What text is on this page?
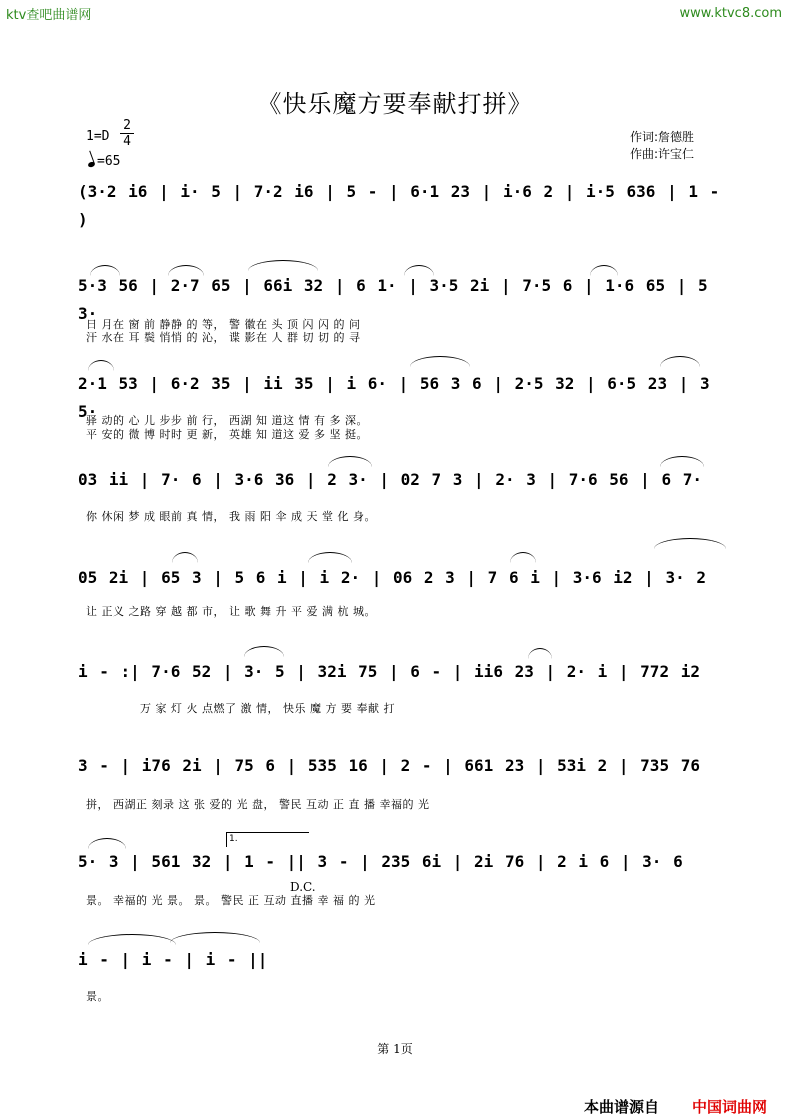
ktv查吧曲谱网	www.ktvc8.com
《快乐魔方要奉献打拼》
1=D
2
4
=65
作词:詹德胜
作曲:许宝仁
(3·2 i6 | i· 5 | 7·2 i6 | 5 - | 6·1 23 | i·6 2 | i·5 636 | 1 - )
5·3 56 | 2·7 65 | 66i 32 | 6 1· | 3·5 2i | 7·5 6 | 1·6 65 | 5 3·
日 月在 窗 前 静静 的 等， 警 徽在 头 顶 闪 闪 的 问
汗 水在 耳 鬓 悄悄 的 沁， 谍 影在 人 群 切 切 的 寻
2·1 53 | 6·2 35 | ii 35 | i 6· | 56 3 6 | 2·5 32 | 6·5 23 | 3 5·
驿 动的 心 儿 步步 前 行， 西湖 知 道这 情 有 多 深。
平 安的 微 博 时时 更 新， 英雄 知 道这 爱 多 坚 挺。
03 ii | 7· 6 | 3·6 36 | 2 3· | 02 7 3 | 2· 3 | 7·6 56 | 6 7·
你 休闲 梦 成 眼前 真 情， 我 雨 阳 伞 成 天 堂 化 身。
05 2i | 65 3 | 5 6 i | i 2· | 06 2 3 | 7 6 i | 3·6 i2 | 3· 2
让 正义 之路 穿 越 都 市， 让 歌 舞 升 平 爱 满 杭 城。
i - :| 7·6 52 | 3· 5 | 32i 75 | 6 - | ii6 23 | 2· i | 772 i2
万 家 灯 火 点燃了 激 情， 快乐 魔 方 要 奉献 打
3 - | i76 2i | 75 6 | 535 16 | 2 - | 661 23 | 53i 2 | 735 76
拼， 西湖正 刻录 这 张 爱的 光 盘， 警民 互动 正 直 播 幸福的 光
5· 3 | 561 32 | 1 - || 3 - | 235 6i | 2i 76 | 2 i 6 | 3· 6
1.
D.C.
景。 幸福的 光 景。 景。 警民 正 互动 直播 幸 福 的 光
i - | i - | i - ||
景。
第 1页
本曲谱源自 中国词曲网
